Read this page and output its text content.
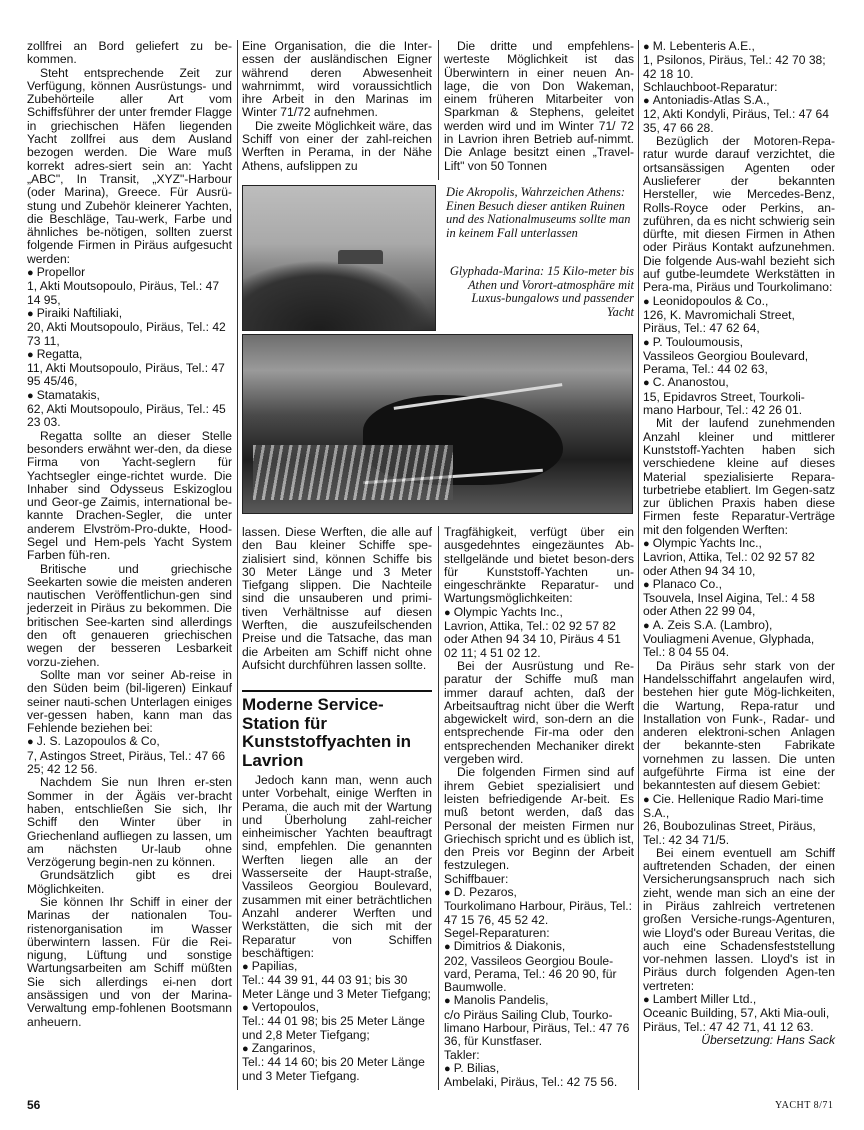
zollfrei an Bord geliefert zu be-kommen.

Steht entsprechende Zeit zur Verfügung, können Ausrüstungs- und Zubehörteile aller Art vom Schiffsführer der unter fremder Flagge in griechischen Häfen liegenden Yacht zollfrei aus dem Ausland bezogen werden. Die Ware muß korrekt adres-siert sein an: Yacht „ABC", In Transit, „XYZ"-Harbour (oder Marina), Greece. Für Ausrü-stung und Zubehör kleinerer Yachten, die Beschläge, Tau-werk, Farbe und ähnliches be-nötigen, sollten zuerst folgende Firmen in Piräus aufgesucht werden:

● Propellor

1, Akti Moutsopoulo, Piräus, Tel.: 47 14 95,

● Piraiki Naftiliaki,

20, Akti Moutsopoulo, Piräus, Tel.: 42 73 11,

● Regatta,

11, Akti Moutsopoulo, Piräus, Tel.: 47 95 45/46,

● Stamatakis,

62, Akti Moutsopoulo, Piräus, Tel.: 45 23 03.

Regatta sollte an dieser Stelle besonders erwähnt wer-den, da diese Firma von Yacht-seglern für Yachtsegler einge-richtet wurde. Die Inhaber sind Odysseus Eskizoglou und Geor-ge Zaimis, international be-kannte Drachen-Segler, die unter anderem Elvström-Pro-dukte, Hood-Segel und Hem-pels Yacht System Farben füh-ren.

Britische und griechische Seekarten sowie die meisten anderen nautischen Veröffentlichun-gen sind jederzeit in Piräus zu bekommen. Die britischen See-karten sind allerdings den oft genaueren griechischen wegen der besseren Lesbarkeit vorzu-ziehen.

Sollte man vor seiner Ab-reise in den Süden beim (bil-ligeren) Einkauf seiner nauti-schen Unterlagen einiges ver-gessen haben, kann man das Fehlende beziehen bei:

● J. S. Lazopoulos & Co,

7, Astingos Street, Piräus, Tel.: 47 66 25; 42 12 56.

Nachdem Sie nun Ihren er-sten Sommer in der Ägäis ver-bracht haben, entschließen Sie sich, Ihr Schiff den Winter über in Griechenland aufliegen zu lassen, um am nächsten Ur-laub ohne Verzögerung begin-nen zu können.

Grundsätzlich gibt es drei Möglichkeiten.

Sie können Ihr Schiff in einer der Marinas der nationalen Tou-ristenorganisation im Wasser überwintern lassen. Für die Rei-nigung, Lüftung und sonstige Wartungsarbeiten am Schiff müßten Sie sich allerdings ei-nen dort ansässigen und von der Marina-Verwaltung emp-fohlenen Bootsmann anheuern.

Eine Organisation, die die Inter-essen der ausländischen Eigner während deren Abwesenheit wahrnimmt, wird voraussichtlich ihre Arbeit in den Marinas im Winter 71/72 aufnehmen.

Die zweite Möglichkeit wäre, das Schiff von einer der zahl-reichen Werften in Perama, in der Nähe Athens, aufslippen zu

Die dritte und empfehlens-werteste Möglichkeit ist das Überwintern in einer neuen An-lage, die von Don Wakeman, einem früheren Mitarbeiter von Sparkman & Stephens, geleitet werden wird und im Winter 71/ 72 in Lavrion ihren Betrieb auf-nimmt. Die Anlage besitzt einen „Travel-Lift" von 50 Tonnen

● M. Lebenteris A.E.,

1, Psilonos, Piräus, Tel.: 42 70 38; 42 18 10.

Schlauchboot-Reparatur:

● Antoniadis-Atlas S.A.,

12, Akti Kondyli, Piräus, Tel.: 47 64 35, 47 66 28.

Bezüglich der Motoren-Repa-ratur wurde darauf verzichtet, die ortsansässigen Agenten oder Auslieferer der bekannten Hersteller, wie Mercedes-Benz, Rolls-Royce oder Perkins, an-zuführen, da es nicht schwierig sein dürfte, mit diesen Firmen in Athen oder Piräus Kontakt aufzunehmen. Die folgende Aus-wahl bezieht sich auf gutbe-leumdete Werkstätten in Pera-ma, Piräus und Tourkolimano:

● Leonidopoulos & Co.,

126, K. Mavromichali Street, Piräus, Tel.: 47 62 64,

● P. Touloumousis,

Vassileos Georgiou Boulevard, Perama, Tel.: 44 02 63,

● C. Ananostou,

15, Epidavros Street, Tourkoli-mano Harbour, Tel.: 42 26 01.

Mit der laufend zunehmenden Anzahl kleiner und mittlerer Kunststoff-Yachten haben sich verschiedene kleine auf dieses Material spezialisierte Repara-turbetriebe etabliert. Im Gegen-satz zur üblichen Praxis haben diese Firmen feste Reparatur-Verträge mit den folgenden Werften:

● Olympic Yachts Inc.,

Lavrion, Attika, Tel.: 02 92 57 82 oder Athen 94 34 10,

● Planaco Co.,

Tsouvela, Insel Aigina, Tel.: 4 58 oder Athen 22 99 04,

● A. Zeis S.A. (Lambro),

Vouliagmeni Avenue, Glyphada, Tel.: 8 04 55 04.

Da Piräus sehr stark von der Handelsschiffahrt angelaufen wird, bestehen hier gute Mög-lichkeiten, die Wartung, Repa-ratur und Installation von Funk-, Radar- und anderen elektroni-schen Anlagen der bekannte-sten Fabrikate vornehmen zu lassen. Die unten aufgeführte Firma ist eine der bekanntesten auf diesem Gebiet:

● Cie. Hellenique Radio Mari-time S.A.,

26, Boubozulinas Street, Piräus, Tel.: 42 34 71/5.

Bei einem eventuell am Schiff auftretenden Schaden, der einen Versicherungsanspruch nach sich zieht, wende man sich an eine der in Piräus zahlreich vertretenen großen Versiche-rungs-Agenturen, wie Lloyd's oder Bureau Veritas, die auch eine Schadensfeststellung vor-nehmen lassen. Lloyd's ist in Piräus durch folgenden Agen-ten vertreten:

● Lambert Miller Ltd.,

Oceanic Building, 57, Akti Mia-ouli, Piräus, Tel.: 47 42 71, 41 12 63.

Übersetzung: Hans Sack

Die Akropolis, Wahrzeichen Athens: Einen Besuch dieser antiken Ruinen und des Nationalmuseums sollte man in keinem Fall unterlassen
Glyphada-Marina: 15 Kilo-meter bis Athen und Vorort-atmosphäre mit Luxus-bungalows und passender Yacht

lassen. Diese Werften, die alle auf den Bau kleiner Schiffe spe-zialisiert sind, können Schiffe bis 30 Meter Länge und 3 Meter Tiefgang slippen. Die Nachteile sind die unsauberen und primi-tiven Verhältnisse auf diesen Werften, die auszufeilschenden Preise und die Tatsache, das man die Arbeiten am Schiff nicht ohne Aufsicht durchführen lassen sollte.

Moderne Service-Station für Kunststoffyachten in Lavrion

Jedoch kann man, wenn auch unter Vorbehalt, einige Werften in Perama, die auch mit der Wartung und Überholung zahl-reicher einheimischer Yachten beauftragt sind, empfehlen. Die genannten Werften liegen alle an der Wasserseite der Haupt-straße, Vassileos Georgiou Boulevard, zusammen mit einer beträchtlichen Anzahl anderer Werften und Werkstätten, die sich mit der Reparatur von Schiffen beschäftigen:

● Papilias,

Tel.: 44 39 91, 44 03 91; bis 30 Meter Länge und 3 Meter Tiefgang;

● Vertopoulos,

Tel.: 44 01 98; bis 25 Meter Länge und 2,8 Meter Tiefgang;

● Zangarinos,

Tel.: 44 14 60; bis 20 Meter Länge und 3 Meter Tiefgang.

Tragfähigkeit, verfügt über ein ausgedehntes eingezäuntes Ab-stellgelände und bietet beson-ders für Kunststoff-Yachten un-eingeschränkte Reparatur- und Wartungsmöglichkeiten:

● Olympic Yachts Inc.,

Lavrion, Attika, Tel.: 02 92 57 82 oder Athen 94 34 10, Piräus 4 51 02 11; 4 51 02 12.

Bei der Ausrüstung und Re-paratur der Schiffe muß man immer darauf achten, daß der Arbeitsauftrag nicht über die Werft abgewickelt wird, son-dern an die entsprechende Fir-ma oder den entsprechenden Mechaniker direkt vergeben wird.

Die folgenden Firmen sind auf ihrem Gebiet spezialisiert und leisten befriedigende Ar-beit. Es muß betont werden, daß das Personal der meisten Firmen nur Griechisch spricht und es üblich ist, den Preis vor Beginn der Arbeit festzulegen.

Schiffbauer:

● D. Pezaros,

Tourkolimano Harbour, Piräus, Tel.: 47 15 76, 45 52 42.

Segel-Reparaturen:

● Dimitrios & Diakonis,

202, Vassileos Georgiou Boule-vard, Perama, Tel.: 46 20 90, für Baumwolle.

● Manolis Pandelis,

c/o Piräus Sailing Club, Tourko-limano Harbour, Piräus, Tel.: 47 76 36, für Kunstfaser.

Takler:

● P. Bilias,

Ambelaki, Piräus, Tel.: 42 75 56.

56	YACHT 8/71
